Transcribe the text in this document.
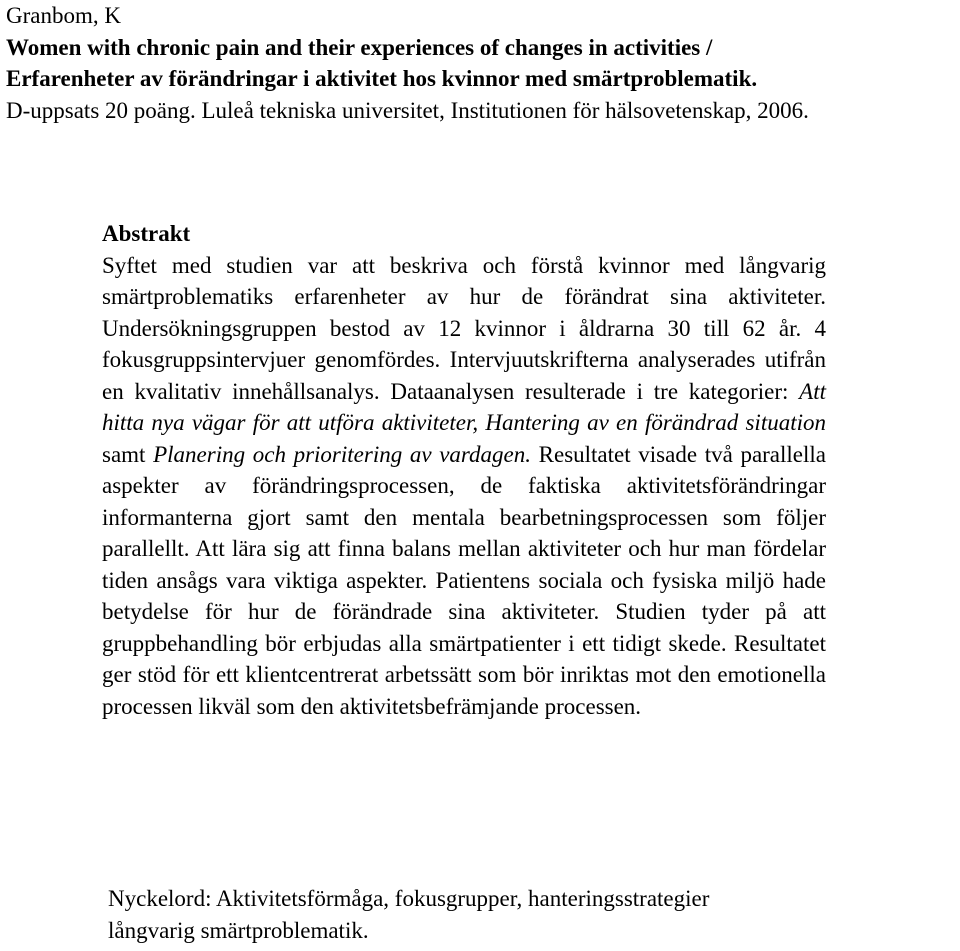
Granbom, K
Women with chronic pain and their experiences of changes in activities /
Erfarenheter av förändringar i aktivitet hos kvinnor med smärtproblematik.
D-uppsats 20 poäng. Luleå tekniska universitet, Institutionen för hälsovetenskap, 2006.
Abstrakt
Syftet med studien var att beskriva och förstå kvinnor med långvarig smärtproblematiks erfarenheter av hur de förändrat sina aktiviteter. Undersökningsgruppen bestod av 12 kvinnor i åldrarna 30 till 62 år. 4 fokusgruppsintervjuer genomfördes. Intervjuutskrifterna analyserades utifrån en kvalitativ innehållsanalys. Dataanalysen resulterade i tre kategorier: Att hitta nya vägar för att utföra aktiviteter, Hantering av en förändrad situation samt Planering och prioritering av vardagen. Resultatet visade två parallella aspekter av förändringsprocessen, de faktiska aktivitetsförändringar informanterna gjort samt den mentala bearbetningsprocessen som följer parallellt. Att lära sig att finna balans mellan aktiviteter och hur man fördelar tiden ansågs vara viktiga aspekter. Patientens sociala och fysiska miljö hade betydelse för hur de förändrade sina aktiviteter. Studien tyder på att gruppbehandling bör erbjudas alla smärtpatienter i ett tidigt skede. Resultatet ger stöd för ett klientcentrerat arbetssätt som bör inriktas mot den emotionella processen likväl som den aktivitetsbefrämjande processen.
Nyckelord: Aktivitetsförmåga, fokusgrupper, hanteringsstrategier
långvarig smärtproblematik.
